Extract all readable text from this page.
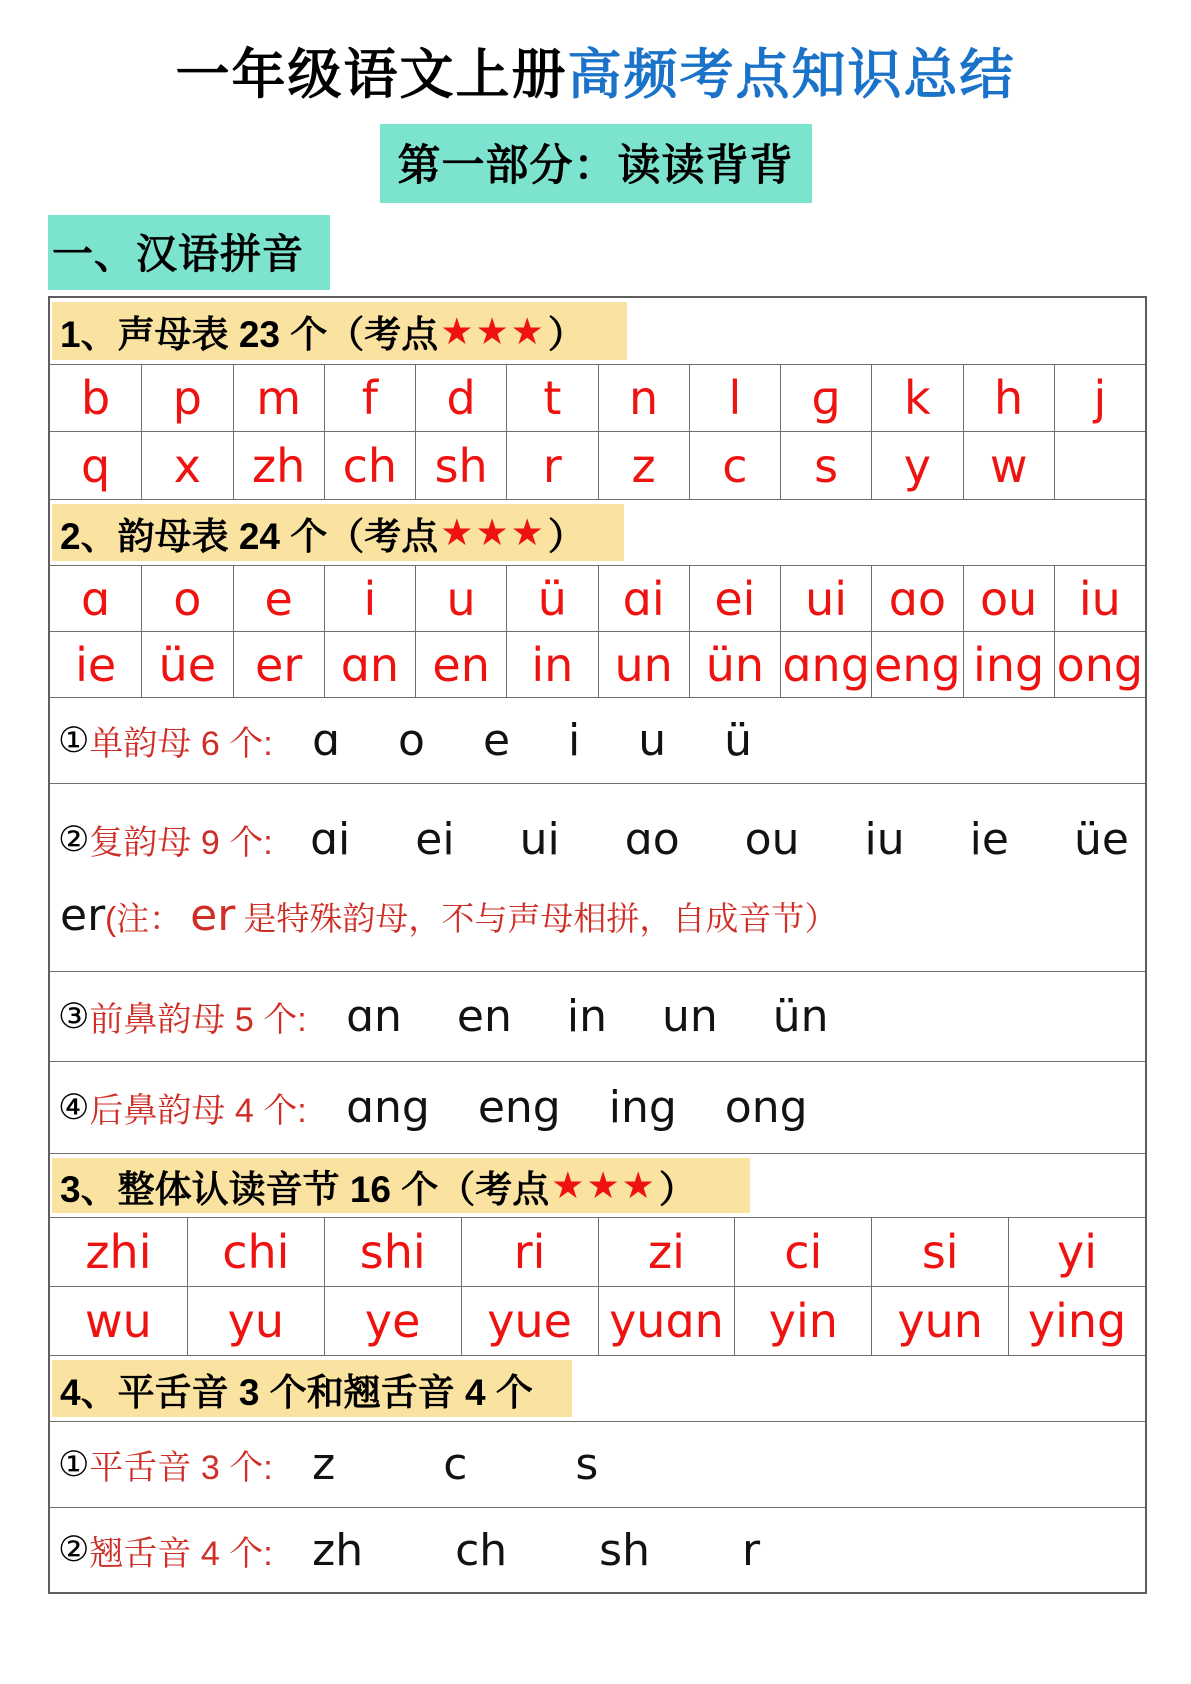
一年级语文上册高频考点知识总结
第一部分：读读背背
一、汉语拼音
1、声母表 23 个（考点 ★★★ ）
b	p	m	f	d	t	n	l	ɡ	k	h	j
q	x	zh ch sh	r	z	c	s	y	w
2、韵母表 24 个（考点 ★★★ ）
ɑ	o	e	i	u	ü	ɑi	ei	ui ɑo ou iu
ie üe er ɑn en in un ün ɑng eng ing ong
① 单韵母 6 个: ɑ o e i u ü
② 复韵母 9 个: ɑi ei ui ɑo ou iu ie üe
er (注： er 是特殊韵母，不与声母相拼，自成音节）
③ 前鼻韵母 5 个: ɑn en in un ün
④ 后鼻韵母 4 个: ɑng eng ing ong
3、整体认读音节 16 个（考点 ★★★ ）
zhi	chi	shi	ri	zi	ci	si	yi
wu	yu	ye	yue yuɑn yin	yun ying
4、平舌音 3 个和翘舌音 4 个
① 平舌音 3 个: z c s
② 翘舌音 4 个: zh ch sh r
